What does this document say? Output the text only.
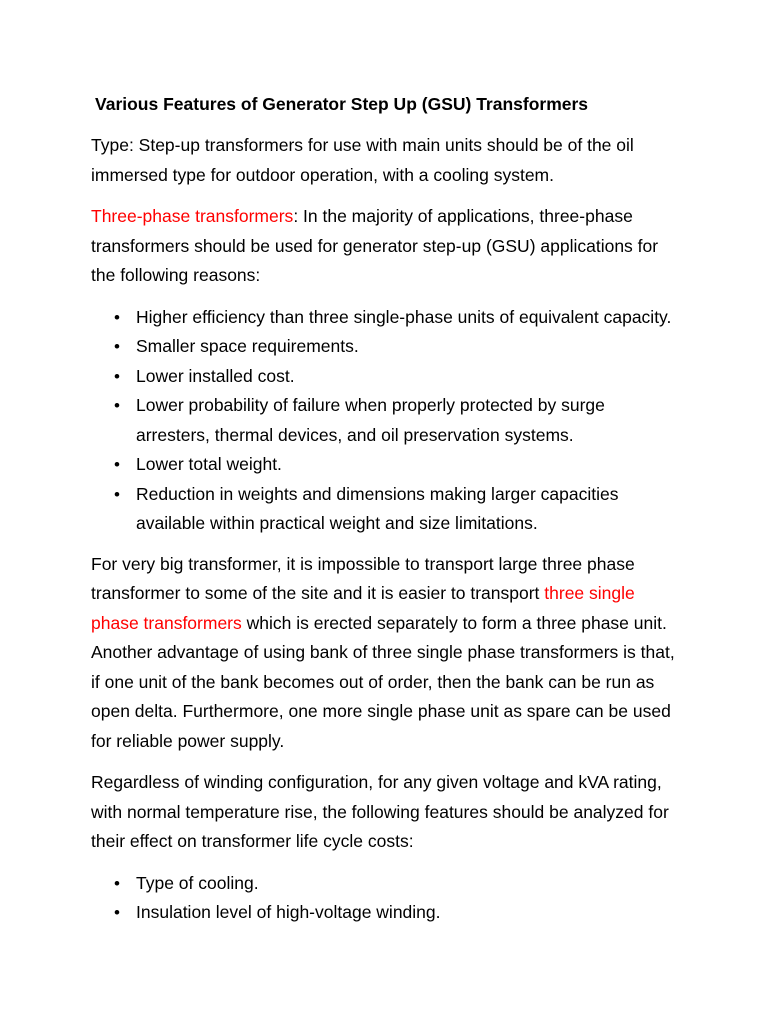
Various Features of Generator Step Up (GSU) Transformers

Type: Step-up transformers for use with main units should be of the oil immersed type for outdoor operation, with a cooling system.

Three-phase transformers: In the majority of applications, three-phase transformers should be used for generator step-up (GSU) applications for the following reasons:

• Higher efficiency than three single-phase units of equivalent capacity.
• Smaller space requirements.
• Lower installed cost.
• Lower probability of failure when properly protected by surge arresters, thermal devices, and oil preservation systems.
• Lower total weight.
• Reduction in weights and dimensions making larger capacities available within practical weight and size limitations.

For very big transformer, it is impossible to transport large three phase transformer to some of the site and it is easier to transport three single phase transformers which is erected separately to form a three phase unit. Another advantage of using bank of three single phase transformers is that, if one unit of the bank becomes out of order, then the bank can be run as open delta. Furthermore, one more single phase unit as spare can be used for reliable power supply.

Regardless of winding configuration, for any given voltage and kVA rating, with normal temperature rise, the following features should be analyzed for their effect on transformer life cycle costs:

• Type of cooling.
• Insulation level of high-voltage winding.
